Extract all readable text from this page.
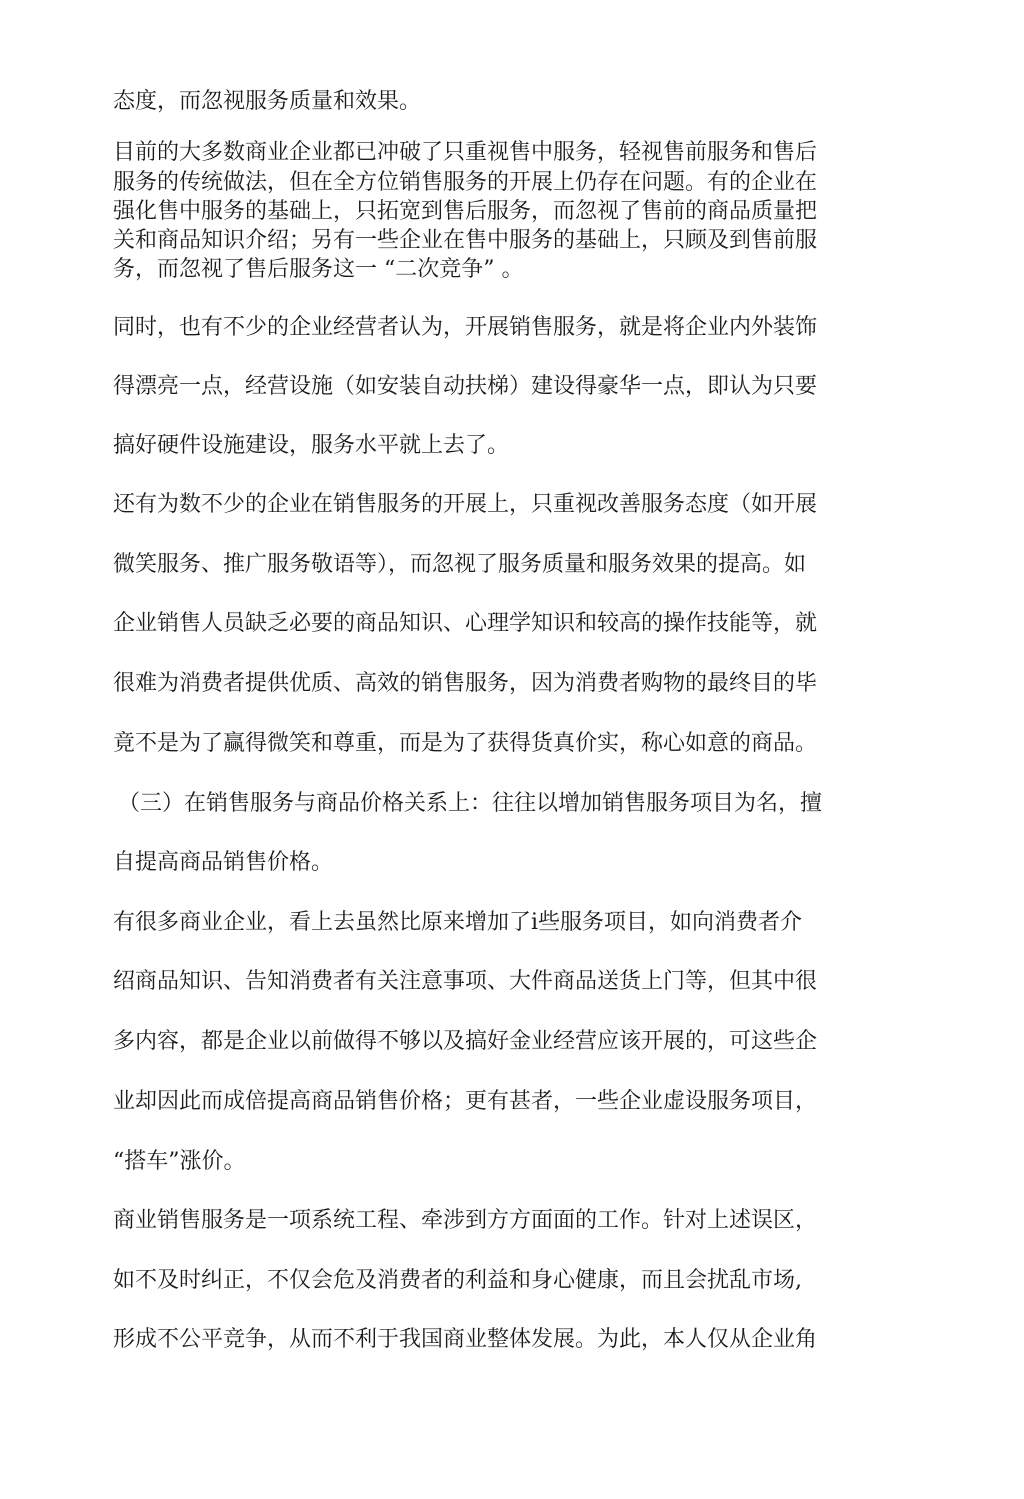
态度，而忽视服务质量和效果。

目前的大多数商业企业都已冲破了只重视售中服务，轻视售前服务和售后

服务的传统做法，但在全方位销售服务的开展上仍存在问题。有的企业在

强化售中服务的基础上，只拓宽到售后服务，而忽视了售前的商品质量把

关和商品知识介绍；另有一些企业在售中服务的基础上，只顾及到售前服

务，而忽视了售后服务这一 “二次竞争” 。

同时，也有不少的企业经营者认为，开展销售服务，就是将企业内外装饰

得漂亮一点，经营设施（如安装自动扶梯）建设得豪华一点，即认为只要

搞好硬件设施建设，服务水平就上去了。

还有为数不少的企业在销售服务的开展上，只重视改善服务态度（如开展

微笑服务、推广服务敬语等），而忽视了服务质量和服务效果的提高。如

企业销售人员缺乏必要的商品知识、心理学知识和较高的操作技能等，就

很难为消费者提供优质、高效的销售服务，因为消费者购物的最终目的毕

竟不是为了赢得微笑和尊重，而是为了获得货真价实，称心如意的商品。

（三）在销售服务与商品价格关系上：往往以增加销售服务项目为名，擅

自提高商品销售价格。

有很多商业企业，看上去虽然比原来增加了i些服务项目，如向消费者介

绍商品知识、告知消费者有关注意事项、大件商品送货上门等，但其中很

多内容，都是企业以前做得不够以及搞好金业经营应该开展的，可这些企

业却因此而成倍提高商品销售价格；更有甚者，一些企业虚设服务项目，

“搭车”涨价。

商业销售服务是一项系统工程、牵涉到方方面面的工作。针对上述误区，

如不及时纠正，不仅会危及消费者的利益和身心健康，而且会扰乱市场,

形成不公平竞争，从而不利于我国商业整体发展。为此，本人仅从企业角
